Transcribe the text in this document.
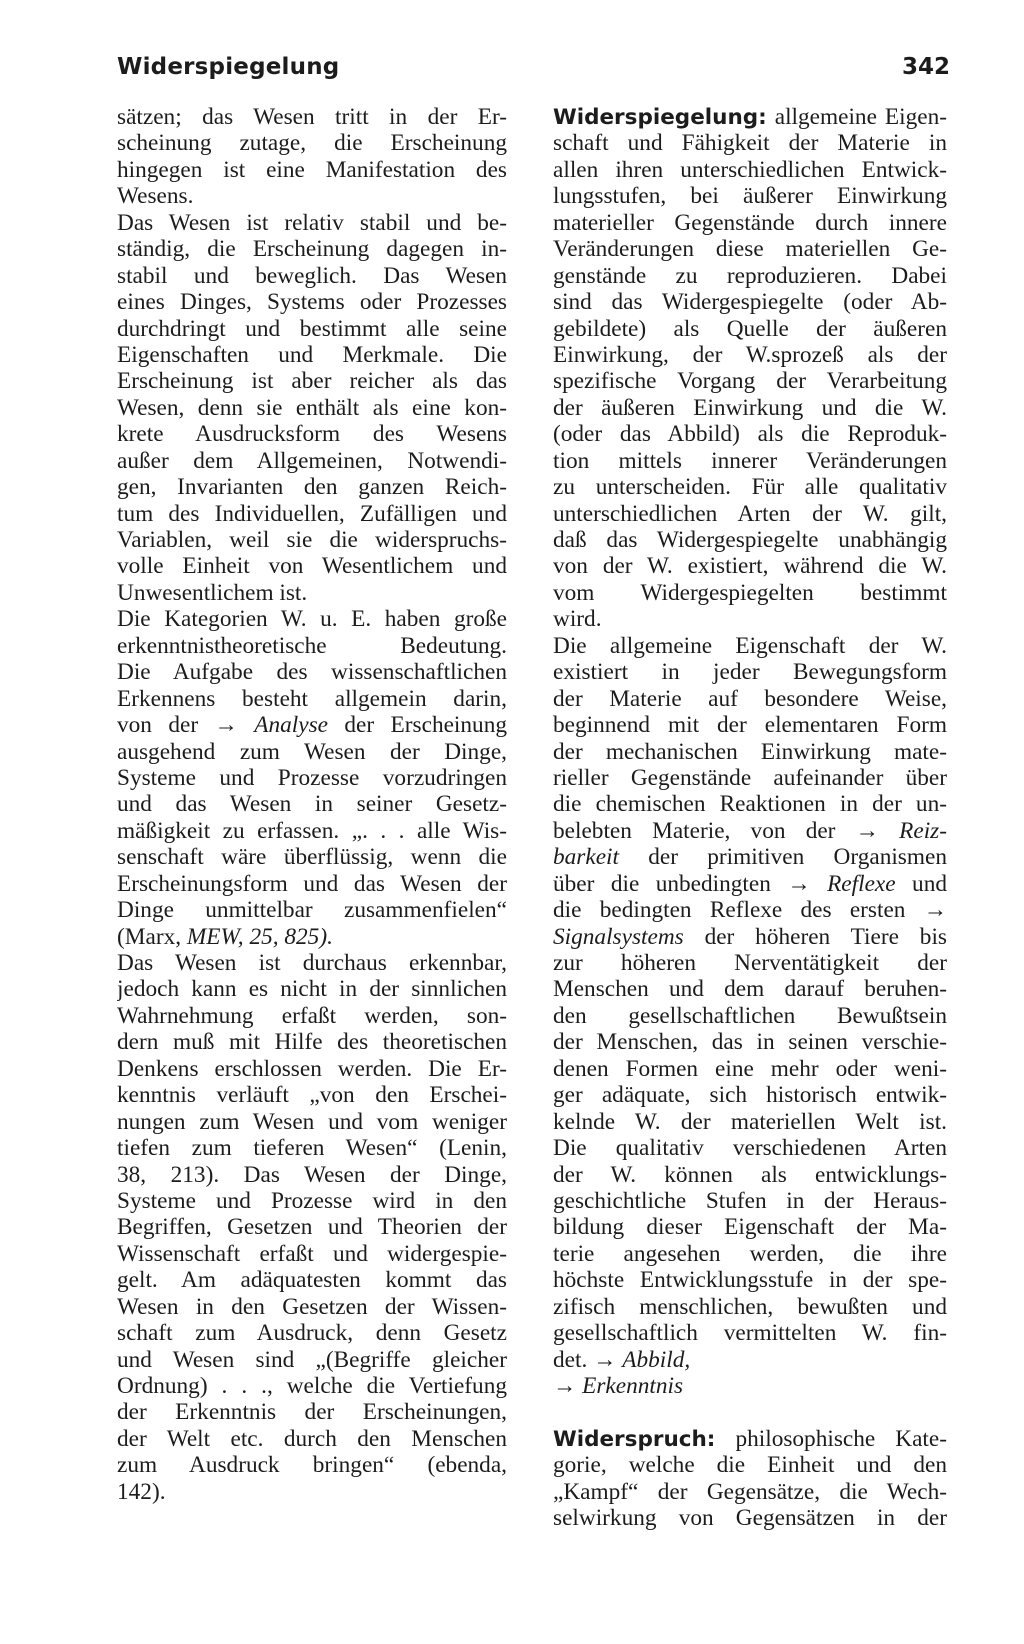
Widerspiegelung	342
sätzen; das Wesen tritt in der Er-
scheinung zutage, die Erscheinung
hingegen ist eine Manifestation des
Wesens.
Das Wesen ist relativ stabil und be-
ständig, die Erscheinung dagegen in-
stabil und beweglich. Das Wesen
eines Dinges, Systems oder Prozesses
durchdringt und bestimmt alle seine
Eigenschaften und Merkmale. Die
Erscheinung ist aber reicher als das
Wesen, denn sie enthält als eine kon-
krete Ausdrucksform des Wesens
außer dem Allgemeinen, Notwendi-
gen, Invarianten den ganzen Reich-
tum des Individuellen, Zufälligen und
Variablen, weil sie die widerspruchs-
volle Einheit von Wesentlichem und
Unwesentlichem ist.
Die Kategorien W. u. E. haben große
erkenntnistheoretische Bedeutung.
Die Aufgabe des wissenschaftlichen
Erkennens besteht allgemein darin,
von der → Analyse der Erscheinung
ausgehend zum Wesen der Dinge,
Systeme und Prozesse vorzudringen
und das Wesen in seiner Gesetz-
mäßigkeit zu erfassen. „. . . alle Wis-
senschaft wäre überflüssig, wenn die
Erscheinungsform und das Wesen der
Dinge unmittelbar zusammenfielen“
(Marx, MEW, 25, 825).
Das Wesen ist durchaus erkennbar,
jedoch kann es nicht in der sinnlichen
Wahrnehmung erfaßt werden, son-
dern muß mit Hilfe des theoretischen
Denkens erschlossen werden. Die Er-
kenntnis verläuft „von den Erschei-
nungen zum Wesen und vom weniger
tiefen zum tieferen Wesen“ (Lenin,
38, 213). Das Wesen der Dinge,
Systeme und Prozesse wird in den
Begriffen, Gesetzen und Theorien der
Wissenschaft erfaßt und widergespie-
gelt. Am adäquatesten kommt das
Wesen in den Gesetzen der Wissen-
schaft zum Ausdruck, denn Gesetz
und Wesen sind „(Begriffe gleicher
Ordnung) . . ., welche die Vertiefung
der Erkenntnis der Erscheinungen,
der Welt etc. durch den Menschen
zum Ausdruck bringen“ (ebenda,
142).
Widerspiegelung: allgemeine Eigen-
schaft und Fähigkeit der Materie in
allen ihren unterschiedlichen Entwick-
lungsstufen, bei äußerer Einwirkung
materieller Gegenstände durch innere
Veränderungen diese materiellen Ge-
genstände zu reproduzieren. Dabei
sind das Widergespiegelte (oder Ab-
gebildete) als Quelle der äußeren
Einwirkung, der W.sprozeß als der
spezifische Vorgang der Verarbeitung
der äußeren Einwirkung und die W.
(oder das Abbild) als die Reproduk-
tion mittels innerer Veränderungen
zu unterscheiden. Für alle qualitativ
unterschiedlichen Arten der W. gilt,
daß das Widergespiegelte unabhängig
von der W. existiert, während die W.
vom Widergespiegelten bestimmt
wird.
Die allgemeine Eigenschaft der W.
existiert in jeder Bewegungsform
der Materie auf besondere Weise,
beginnend mit der elementaren Form
der mechanischen Einwirkung mate-
rieller Gegenstände aufeinander über
die chemischen Reaktionen in der un-
belebten Materie, von der → Reiz-
barkeit der primitiven Organismen
über die unbedingten → Reflexe und
die bedingten Reflexe des ersten →
Signalsystems der höheren Tiere bis
zur höheren Nerventätigkeit der
Menschen und dem darauf beruhen-
den gesellschaftlichen Bewußtsein
der Menschen, das in seinen verschie-
denen Formen eine mehr oder weni-
ger adäquate, sich historisch entwik-
kelnde W. der materiellen Welt ist.
Die qualitativ verschiedenen Arten
der W. können als entwicklungs-
geschichtliche Stufen in der Heraus-
bildung dieser Eigenschaft der Ma-
terie angesehen werden, die ihre
höchste Entwicklungsstufe in der spe-
zifisch menschlichen, bewußten und
gesellschaftlich vermittelten W. fin-
det. → Abbild,
→ Erkenntnis
Widerspruch: philosophische Kate-
gorie, welche die Einheit und den
„Kampf“ der Gegensätze, die Wech-
selwirkung von Gegensätzen in der
